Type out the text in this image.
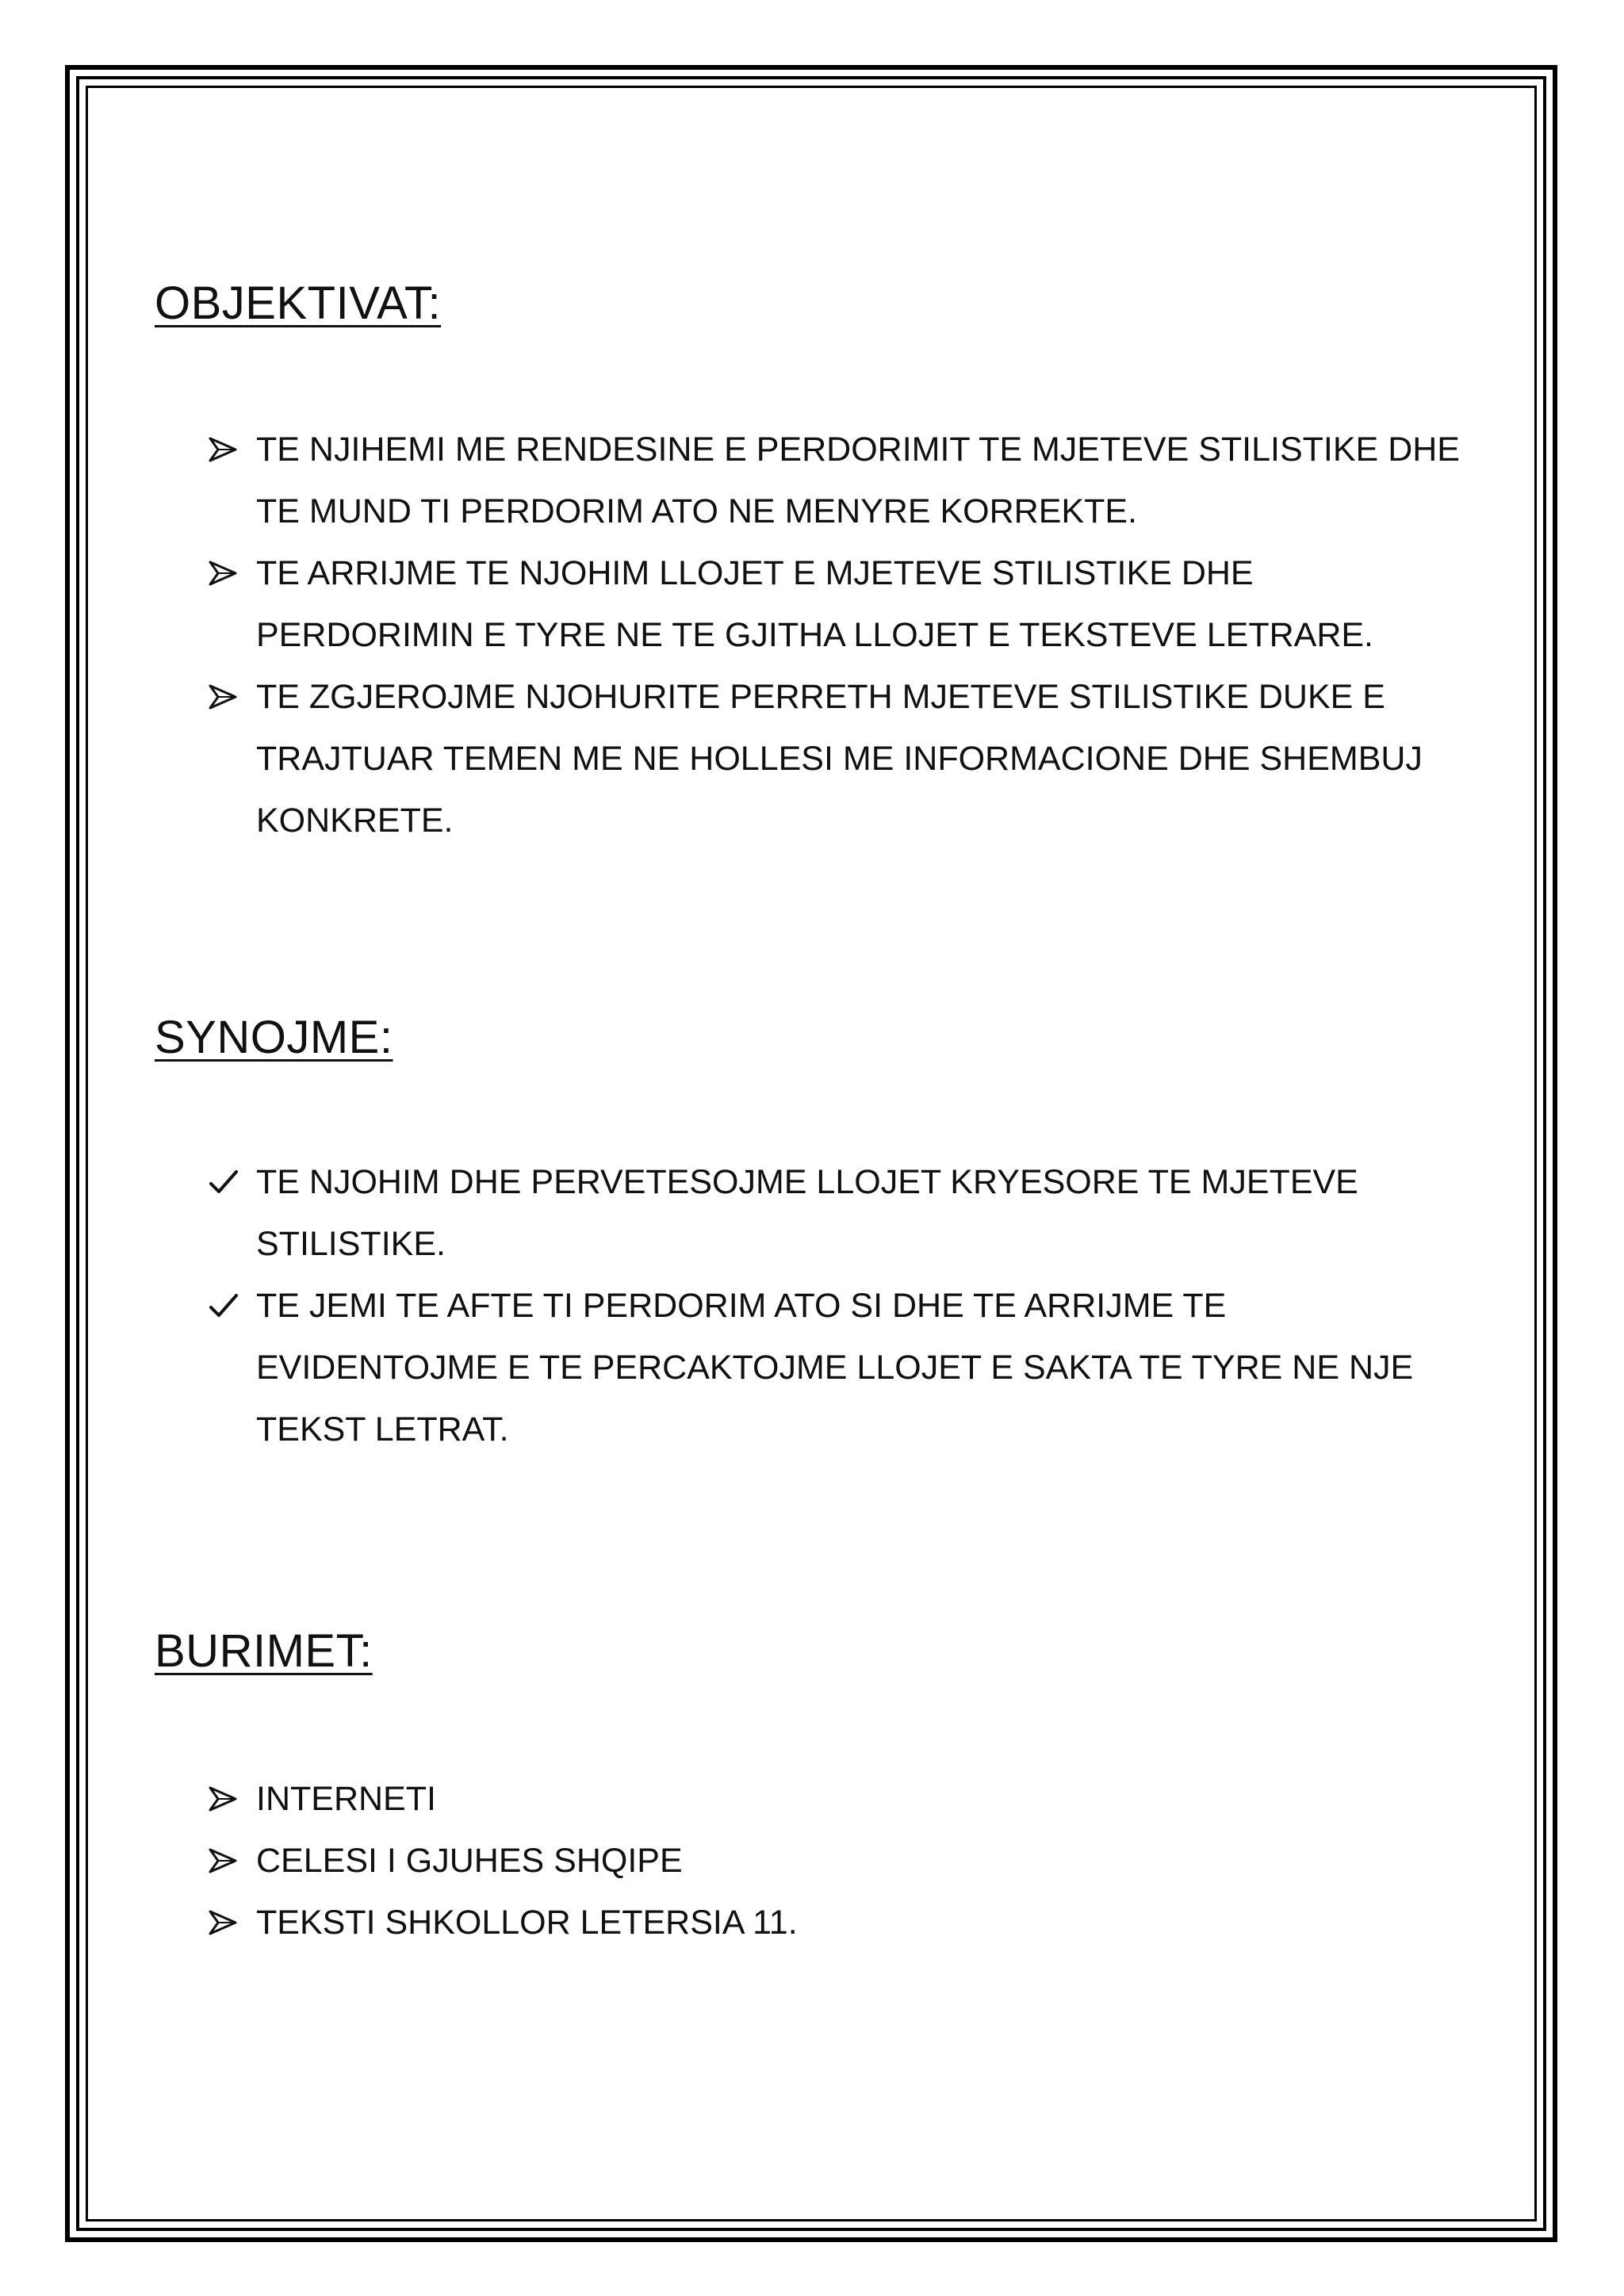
OBJEKTIVAT:
TE NJIHEMI ME RENDESINE E PERDORIMIT TE MJETEVE STILISTIKE DHE TE MUND TI PERDORIM ATO NE MENYRE KORREKTE.
TE ARRIJME TE NJOHIM LLOJET E MJETEVE STILISTIKE DHE PERDORIMIN E TYRE NE TE GJITHA LLOJET E TEKSTEVE LETRARE.
TE ZGJEROJME NJOHURITE PERRETH MJETEVE STILISTIKE DUKE E TRAJTUAR TEMEN ME NE HOLLESI ME INFORMACIONE DHE SHEMBUJ KONKRETE.
SYNOJME:
TE NJOHIM DHE PERVETESOJME LLOJET KRYESORE TE MJETEVE STILISTIKE.
TE JEMI TE AFTE TI PERDORIM ATO SI DHE TE ARRIJME TE EVIDENTOJME E TE PERCAKTOJME LLOJET E SAKTA TE TYRE NE NJE TEKST LETRAT.
BURIMET:
INTERNETI
CELESI I GJUHES SHQIPE
TEKSTI SHKOLLOR LETERSIA 11.
